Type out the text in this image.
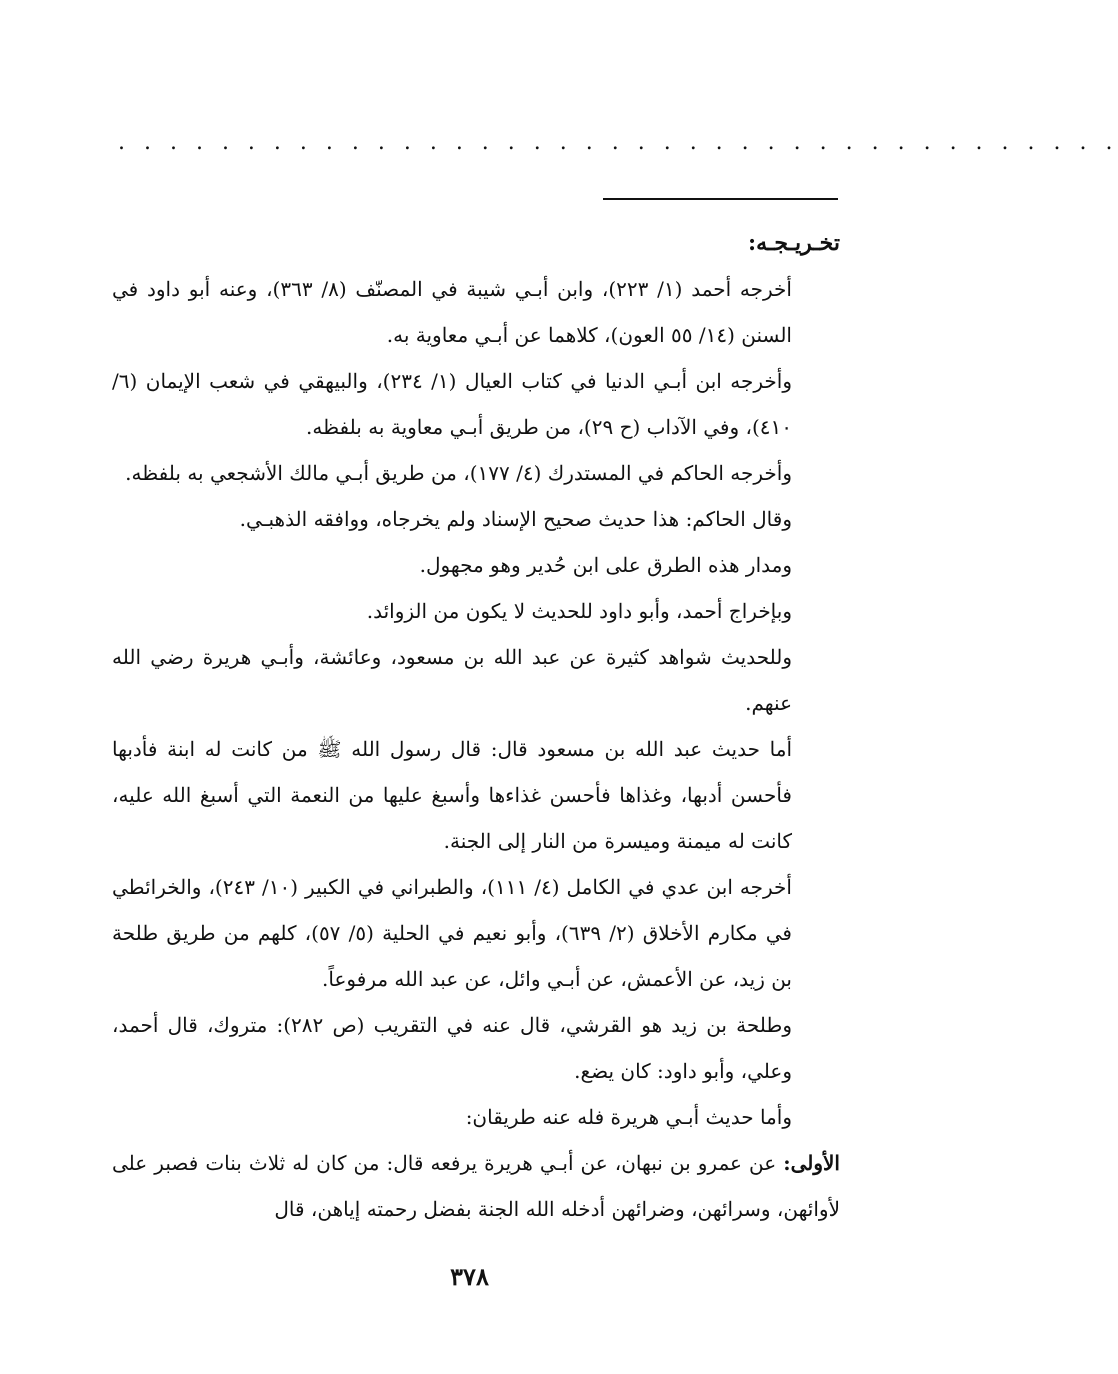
. . . . . . . . . . . . . . . . . . . . . . . . . . . . . . . . . . . . . . .

تخـريـجـه:

أخرجه أحمد (١/ ٢٢٣)، وابن أبـي شيبة في المصنّف (٨/ ٣٦٣)، وعنه أبو داود في السنن (١٤/ ٥٥ العون)، كلاهما عن أبـي معاوية به.

وأخرجه ابن أبـي الدنيا في كتاب العيال (١/ ٢٣٤)، والبيهقي في شعب الإيمان (٦/ ٤١٠)، وفي الآداب (ح ٢٩)، من طريق أبـي معاوية به بلفظه.

وأخرجه الحاكم في المستدرك (٤/ ١٧٧)، من طريق أبـي مالك الأشجعي به بلفظه.

وقال الحاكم: هذا حديث صحيح الإسناد ولم يخرجاه، ووافقه الذهبـي.

ومدار هذه الطرق على ابن حُدير وهو مجهول.

وبإخراج أحمد، وأبو داود للحديث لا يكون من الزوائد.

وللحديث شواهد كثيرة عن عبد الله بن مسعود، وعائشة، وأبـي هريرة رضي الله عنهم.

أما حديث عبد الله بن مسعود قال: قال رسول الله ﷺ من كانت له ابنة فأدبها فأحسن أدبها، وغذاها فأحسن غذاءها وأسبغ عليها من النعمة التي أسبغ الله عليه، كانت له ميمنة وميسرة من النار إلى الجنة.

أخرجه ابن عدي في الكامل (٤/ ١١١)، والطبراني في الكبير (١٠/ ٢٤٣)، والخرائطي في مكارم الأخلاق (٢/ ٦٣٩)، وأبو نعيم في الحلية (٥/ ٥٧)، كلهم من طريق طلحة بن زيد، عن الأعمش، عن أبـي وائل، عن عبد الله مرفوعاً.

وطلحة بن زيد هو القرشي، قال عنه في التقريب (ص ٢٨٢): متروك، قال أحمد، وعلي، وأبو داود: كان يضع.

وأما حديث أبـي هريرة فله عنه طريقان:

الأولى: عن عمرو بن نبهان، عن أبـي هريرة يرفعه قال: من كان له ثلاث بنات فصبر على لأوائهن، وسرائهن، وضرائهن أدخله الله الجنة بفضل رحمته إياهن، قال

٣٧٨
